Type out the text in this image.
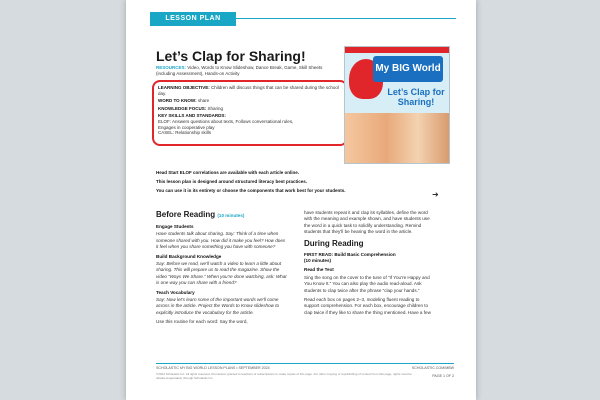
LESSON PLAN
Let’s Clap for Sharing!
RESOURCES: Video, Words to Know Slideshow, Dance Break, Game, Skill Sheets (including Assessment), Hands-on Activity
LEARNING OBJECTIVE: Children will discuss things that can be shared during the school day.
WORD TO KNOW: share
KNOWLEDGE FOCUS: Sharing
KEY SKILLS AND STANDARDS:
ELOF: Answers questions about texts, Follows conversational rules,
Engages in cooperative play
CASEL: Relationship skills
My BIG World
Let’s Clap for Sharing!

Head Start ELOF correlations are available with each article online.

This lesson plan is designed around structured literacy best practices.

You can use it in its entirety or choose the components that work best for your students.	➜
Before Reading (10 minutes)
Engage Students

Have students talk about sharing. Say: Think of a time when someone shared with you. How did it make you feel? How does it feel when you share something you have with someone?

Build Background Knowledge

Say: Before we read, we’ll watch a video to learn a little about sharing. This will prepare us to read the magazine. Show the video “Ways We Share.” When you’re done watching, ask: What is one way you can share with a friend?

Teach Vocabulary

Say: Now let’s learn some of the important words we’ll come across in the article. Project the Words to Know slideshow to explicitly introduce the vocabulary for the article.

Use this routine for each word: Say the word,

have students repeat it and clap its syllables, define the word with the meaning and example shown, and have students use the word in a quick task to solidify understanding. Remind students that they’ll be hearing the word in the article.

During Reading
FIRST READ: Build Basic Comprehension
(10 minutes)
Read the Text

Sing the song on the cover to the tune of “If You’re Happy and You Know It.” You can also play the audio read-aloud. Ask students to clap twice after the phrase “clap your hands.”

Read each box on pages 2–3, modeling fluent reading to support comprehension. For each box, encourage children to clap twice if they like to share the thing mentioned. Have a few

SCHOLASTIC MY BIG WORLD LESSON PLANS • SEPTEMBER 2024	SCHOLASTIC.COM/MBW
©2024 Scholastic Inc. All rights reserved. Permission granted to teachers of subscriptions to make copies of this page. For other copying or republishing of content from this page, rights must be obtained separately through Scholastic Inc.	PAGE 1 OF 2
